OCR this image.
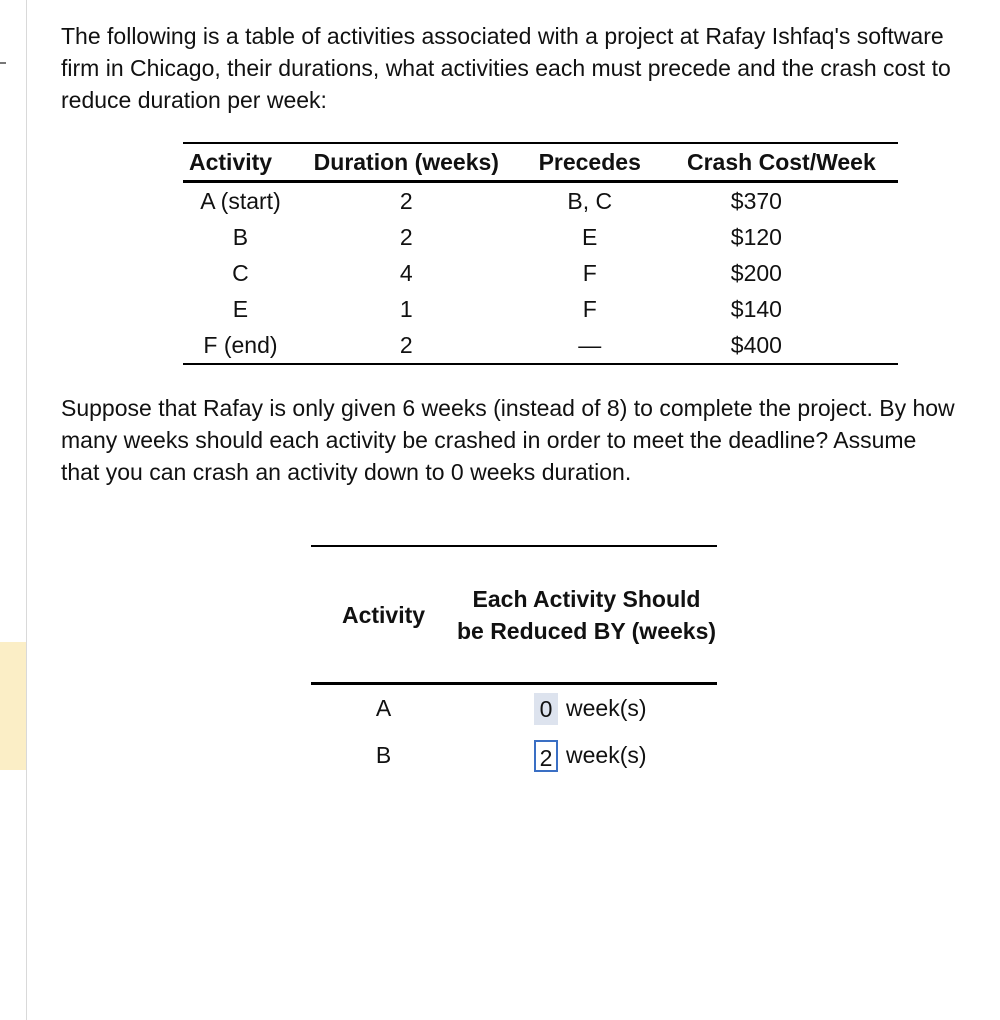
The following is a table of activities associated with a project at Rafay Ishfaq's software firm in Chicago, their durations, what activities each must precede and the crash cost to reduce duration per week:

Activity	Duration (weeks)	Precedes	Crash Cost/Week
A (start)	2	B, C	$370
B	2	E	$120
C	4	F	$200
E	1	F	$140
F (end)	2	—	$400

Suppose that Rafay is only given 6 weeks (instead of 8) to complete the project. By how many weeks should each activity be crashed in order to meet the deadline? Assume that you can crash an activity down to 0 weeks duration.

Activity	Each Activity Should be Reduced BY (weeks)
A	0 week(s)
B	2 week(s)
